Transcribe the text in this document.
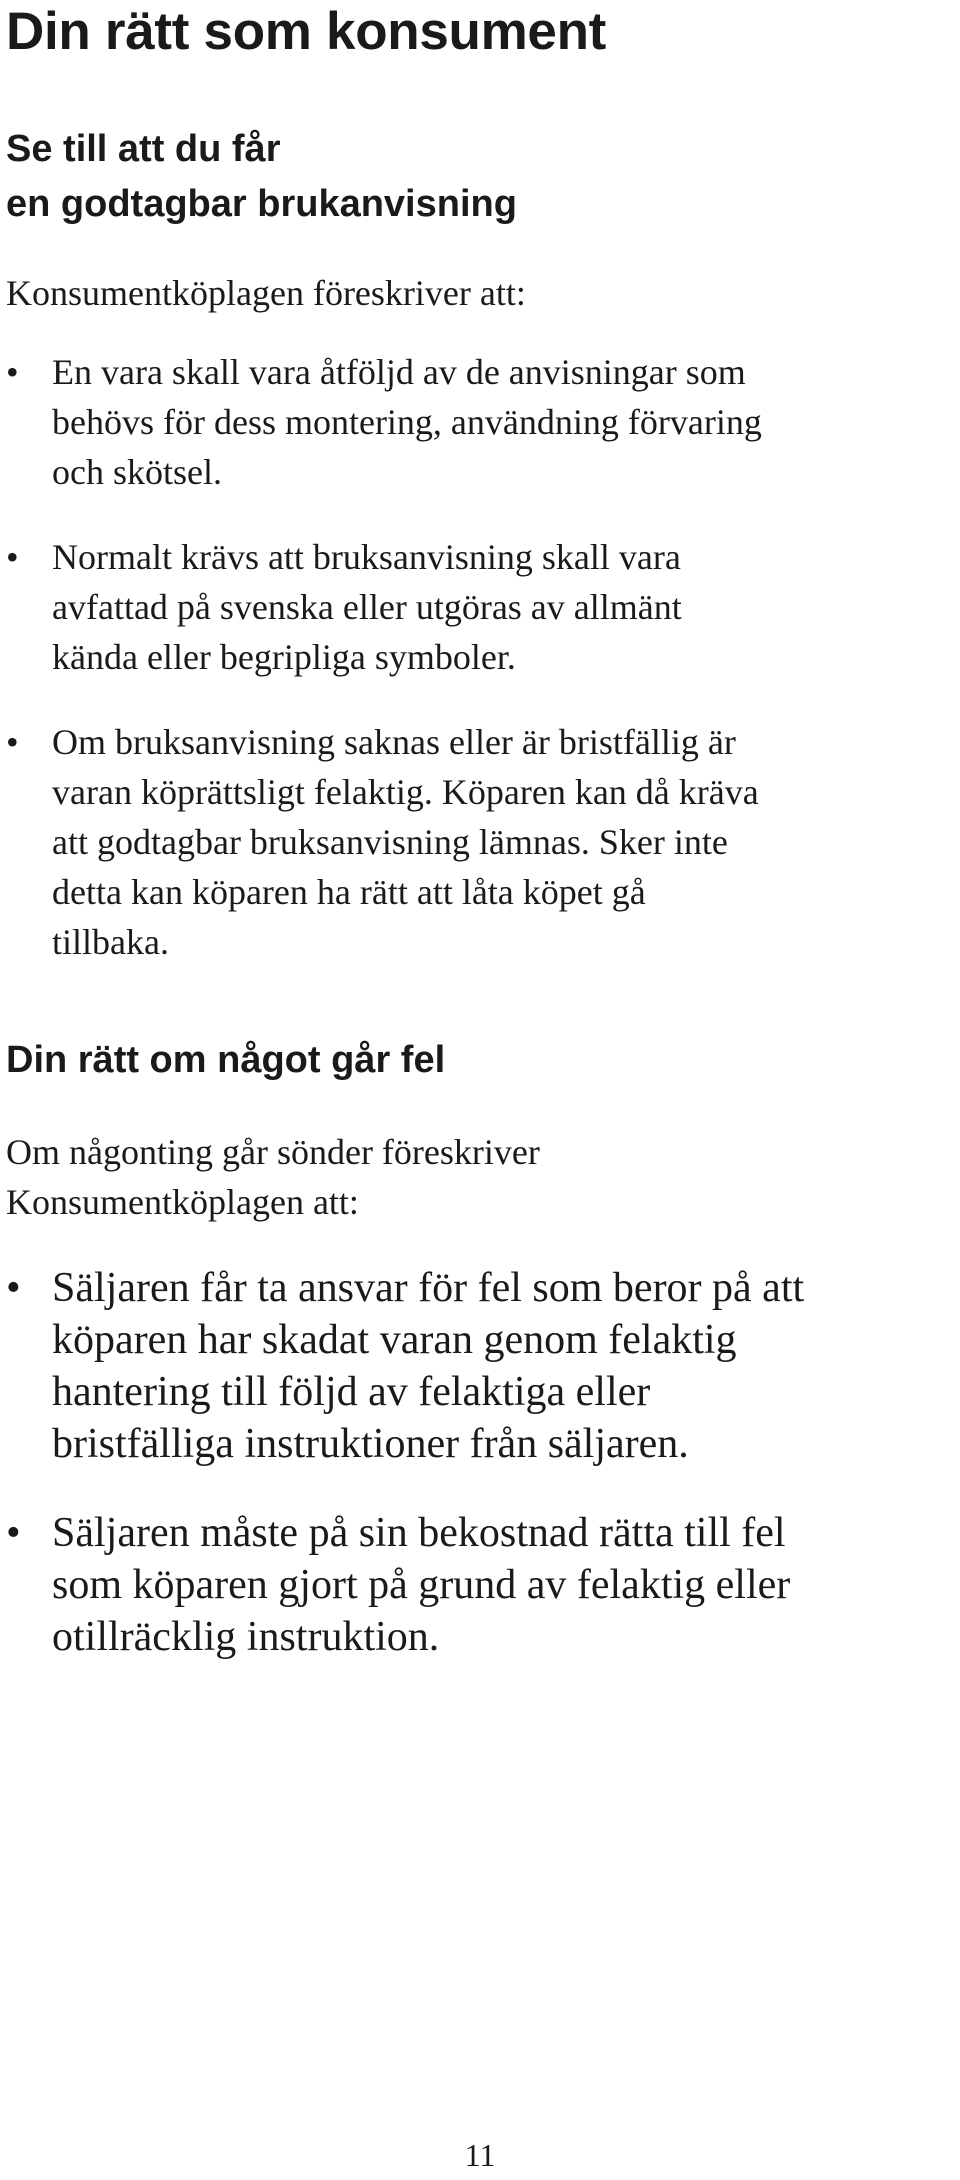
Din rätt som konsument
Se till att du får
en godtagbar brukanvisning

Konsumentköplagen föreskriver att:

• En vara skall vara åtföljd av de anvisningar som
behövs för dess montering, användning förvaring
och skötsel.
• Normalt krävs att bruksanvisning skall vara
avfattad på svenska eller utgöras av allmänt
kända eller begripliga symboler.
• Om bruksanvisning saknas eller är bristfällig är
varan köprättsligt felaktig. Köparen kan då kräva
att godtagbar bruksanvisning lämnas. Sker inte
detta kan köparen ha rätt att låta köpet gå
tillbaka.
Din rätt om något går fel

Om någonting går sönder föreskriver
Konsumentköplagen att:

• Säljaren får ta ansvar för fel som beror på att
köparen har skadat varan genom felaktig
hantering till följd av felaktiga eller
bristfälliga instruktioner från säljaren.
• Säljaren måste på sin bekostnad rätta till fel
som köparen gjort på grund av felaktig eller
otillräcklig instruktion.

11
